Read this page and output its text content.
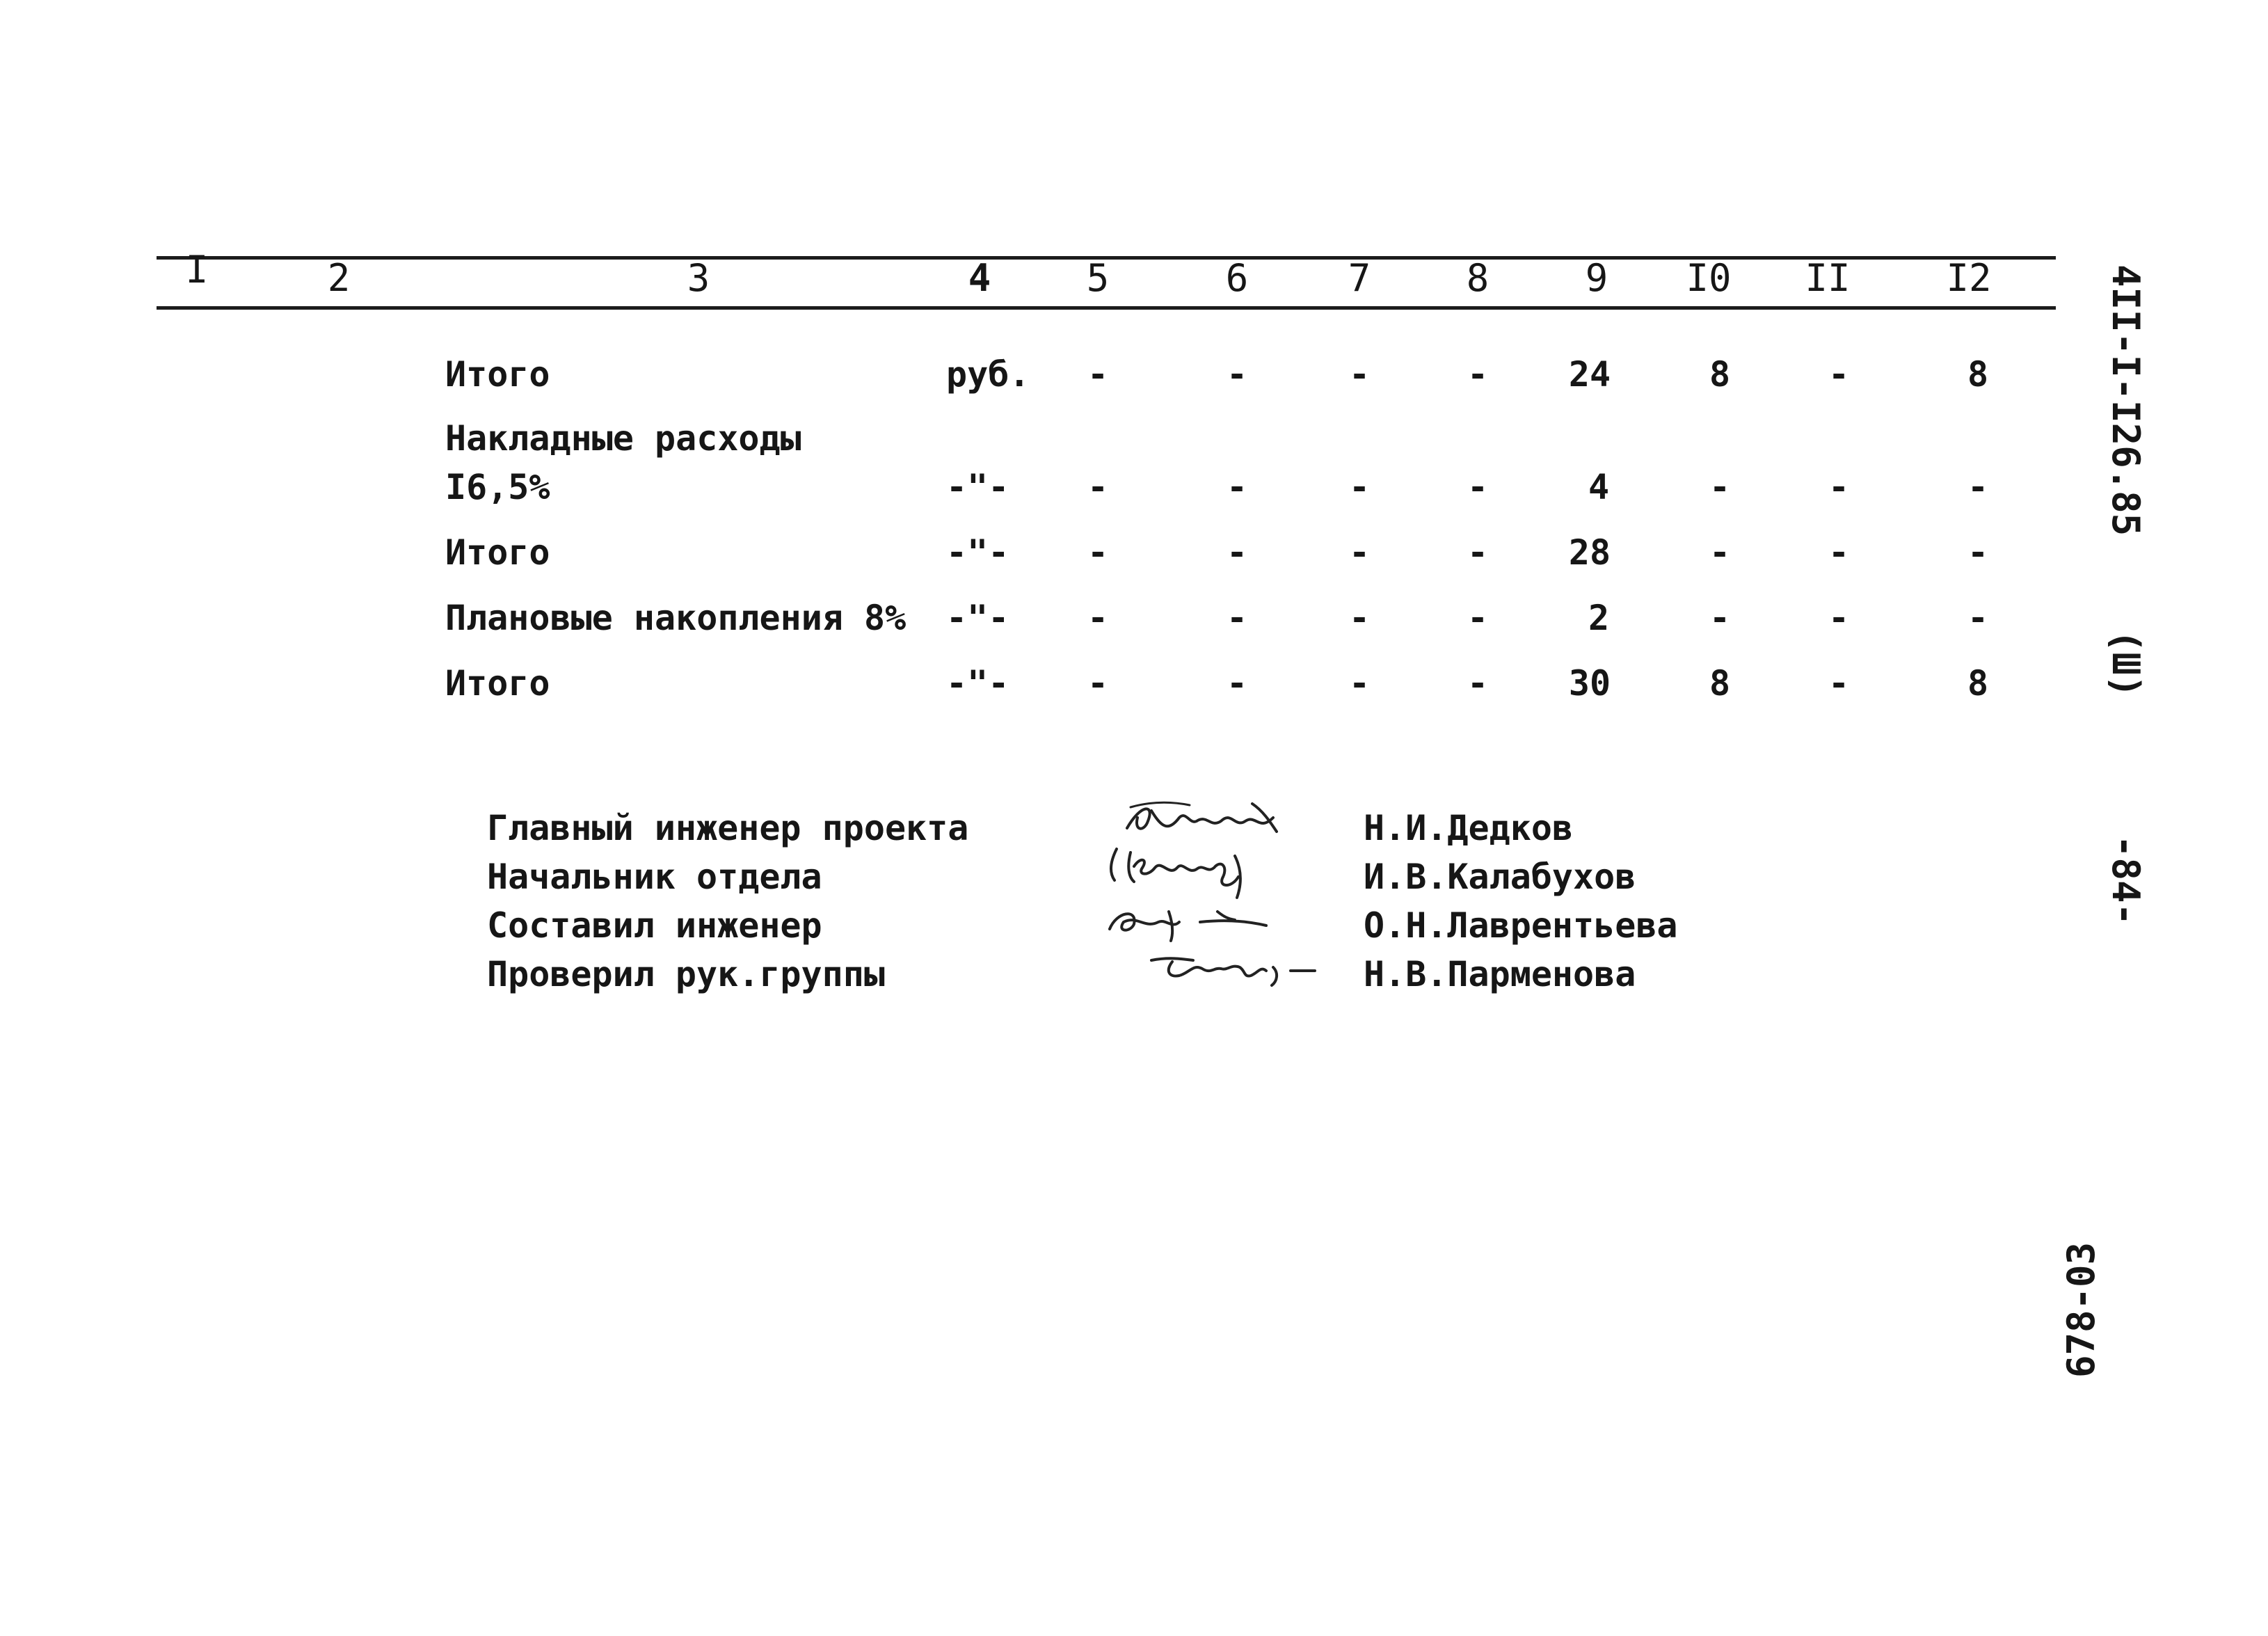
I	2	3	4	5	6	7	8	9 I0 II	I2
Итого	руб. -	-	-	- 24	8	-	8
Накладные расходы
I6,5%	-"- -	-	-	-	4	-	-	-
Итого	-"- -	-	-	- 28	-	-	-
Плановые накопления 8% -"- -	-	-	-	2	-	-	-
Итого	-"- -	-	-	- 30	8	-	8
Главный инженер проекта
Начальник отдела
Составил инженер
Проверил рук.группы
Н.И.Дедков
И.В.Калабухов
О.Н.Лаврентьева
Н.В.Парменова
4II-I-I26.85
(Ш)
-84-
678-03
